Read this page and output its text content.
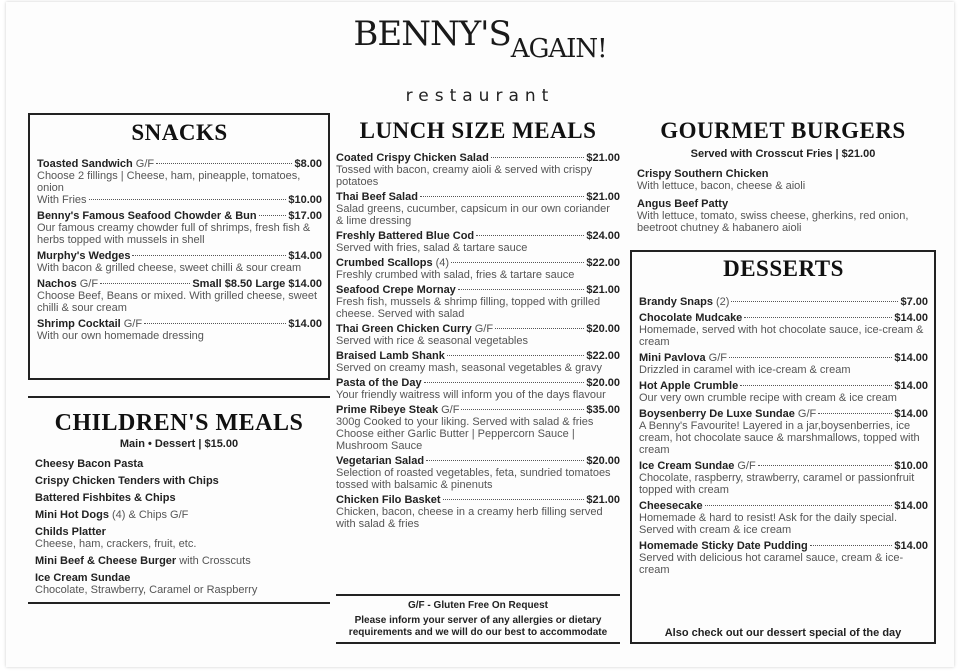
$BENNY'S_{AGAIN!}$
restaurant
SNACKS
Toasted Sandwich G/F	$8.00
Choose 2 fillings | Cheese, ham, pineapple, tomatoes, onion
With Fries	$10.00
Benny's Famous Seafood Chowder & Bun	$17.00
Our famous creamy chowder full of shrimps, fresh fish & herbs topped with mussels in shell
Murphy's Wedges	$14.00
With bacon & grilled cheese, sweet chilli & sour cream
Nachos G/F	Small $8.50 Large $14.00
Choose Beef, Beans or mixed. With grilled cheese, sweet chilli & sour cream
Shrimp Cocktail G/F	$14.00
With our own homemade dressing
CHILDREN'S MEALS
Main • Dessert | $15.00
Cheesy Bacon Pasta
Crispy Chicken Tenders with Chips
Battered Fishbites & Chips
Mini Hot Dogs (4) & Chips G/F
Childs Platter
Cheese, ham, crackers, fruit, etc.
Mini Beef & Cheese Burger with Crosscuts
Ice Cream Sundae
Chocolate, Strawberry, Caramel or Raspberry
LUNCH SIZE MEALS
Coated Crispy Chicken Salad	$21.00
Tossed with bacon, creamy aioli & served with crispy potatoes
Thai Beef Salad	$21.00
Salad greens, cucumber, capsicum in our own coriander & lime dressing
Freshly Battered Blue Cod	$24.00
Served with fries, salad & tartare sauce
Crumbed Scallops (4)	$22.00
Freshly crumbed with salad, fries & tartare sauce
Seafood Crepe Mornay	$21.00
Fresh fish, mussels & shrimp filling, topped with grilled cheese. Served with salad
Thai Green Chicken Curry G/F	$20.00
Served with rice & seasonal vegetables
Braised Lamb Shank	$22.00
Served on creamy mash, seasonal vegetables & gravy
Pasta of the Day	$20.00
Your friendly waitress will inform you of the days flavour
Prime Ribeye Steak G/F	$35.00
300g Cooked to your liking. Served with salad & fries Choose either Garlic Butter | Peppercorn Sauce | Mushroom Sauce
Vegetarian Salad	$20.00
Selection of roasted vegetables, feta, sundried tomatoes tossed with balsamic & pinenuts
Chicken Filo Basket	$21.00
Chicken, bacon, cheese in a creamy herb filling served with salad & fries
G/F - Gluten Free On Request
Please inform your server of any allergies or dietary requirements and we will do our best to accommodate
GOURMET BURGERS
Served with Crosscut Fries | $21.00
Crispy Southern Chicken
With lettuce, bacon, cheese & aioli
Angus Beef Patty
With lettuce, tomato, swiss cheese, gherkins, red onion, beetroot chutney & habanero aioli
DESSERTS
Brandy Snaps (2)	$7.00
Chocolate Mudcake	$14.00
Homemade, served with hot chocolate sauce, ice-cream & cream
Mini Pavlova G/F	$14.00
Drizzled in caramel with ice-cream & cream
Hot Apple Crumble	$14.00
Our very own crumble recipe with cream & ice cream
Boysenberry De Luxe Sundae G/F	$14.00
A Benny's Favourite! Layered in a jar,boysenberries, ice cream, hot chocolate sauce & marshmallows, topped with cream
Ice Cream Sundae G/F	$10.00
Chocolate, raspberry, strawberry, caramel or passionfruit topped with cream
Cheesecake	$14.00
Homemade & hard to resist! Ask for the daily special. Served with cream & ice cream
Homemade Sticky Date Pudding	$14.00
Served with delicious hot caramel sauce, cream & ice-cream
Also check out our dessert special of the day
